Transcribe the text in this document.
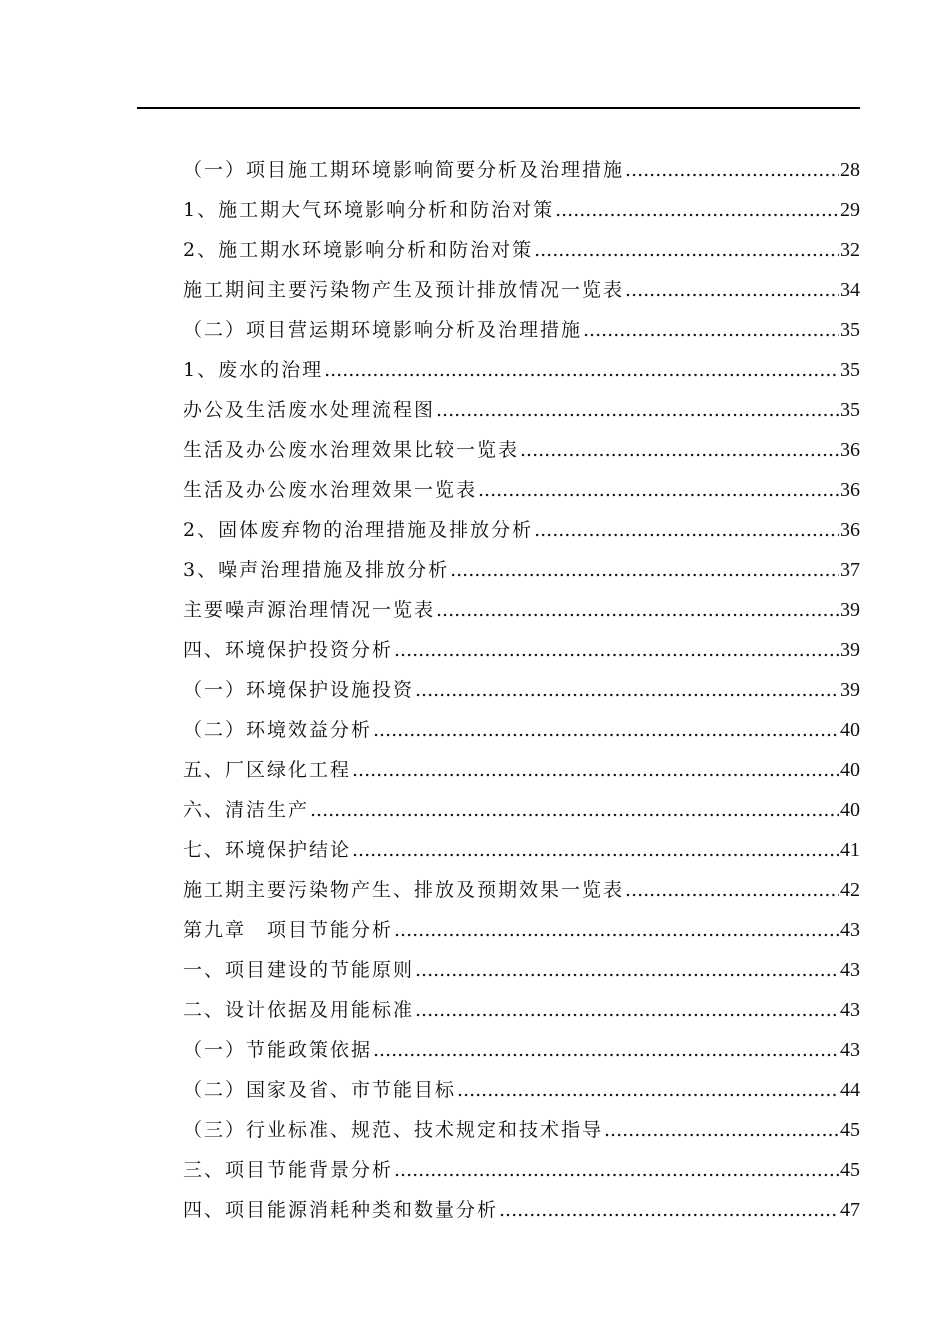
（一）项目施工期环境影响简要分析及治理措施 .....	28
1、施工期大气环境影响分析和防治对策 .....	29
2、施工期水环境影响分析和防治对策 .....	32
施工期间主要污染物产生及预计排放情况一览表 .....	34
（二）项目营运期环境影响分析及治理措施 .....	35
1、废水的治理 .....	35
办公及生活废水处理流程图 .....	35
生活及办公废水治理效果比较一览表 .....	36
生活及办公废水治理效果一览表 .....	36
2、固体废弃物的治理措施及排放分析 .....	36
3、噪声治理措施及排放分析 .....	37
主要噪声源治理情况一览表 .....	39
四、环境保护投资分析 .....	39
（一）环境保护设施投资 .....	39
（二）环境效益分析 .....	40
五、厂区绿化工程 .....	40
六、清洁生产 .....	40
七、环境保护结论 .....	41
施工期主要污染物产生、排放及预期效果一览表 .....	42
第九章　项目节能分析 .....	43
一、项目建设的节能原则 .....	43
二、设计依据及用能标准 .....	43
（一）节能政策依据 .....	43
（二）国家及省、市节能目标 .....	44
（三）行业标准、规范、技术规定和技术指导 .....	45
三、项目节能背景分析 .....	45
四、项目能源消耗种类和数量分析 .....	47
